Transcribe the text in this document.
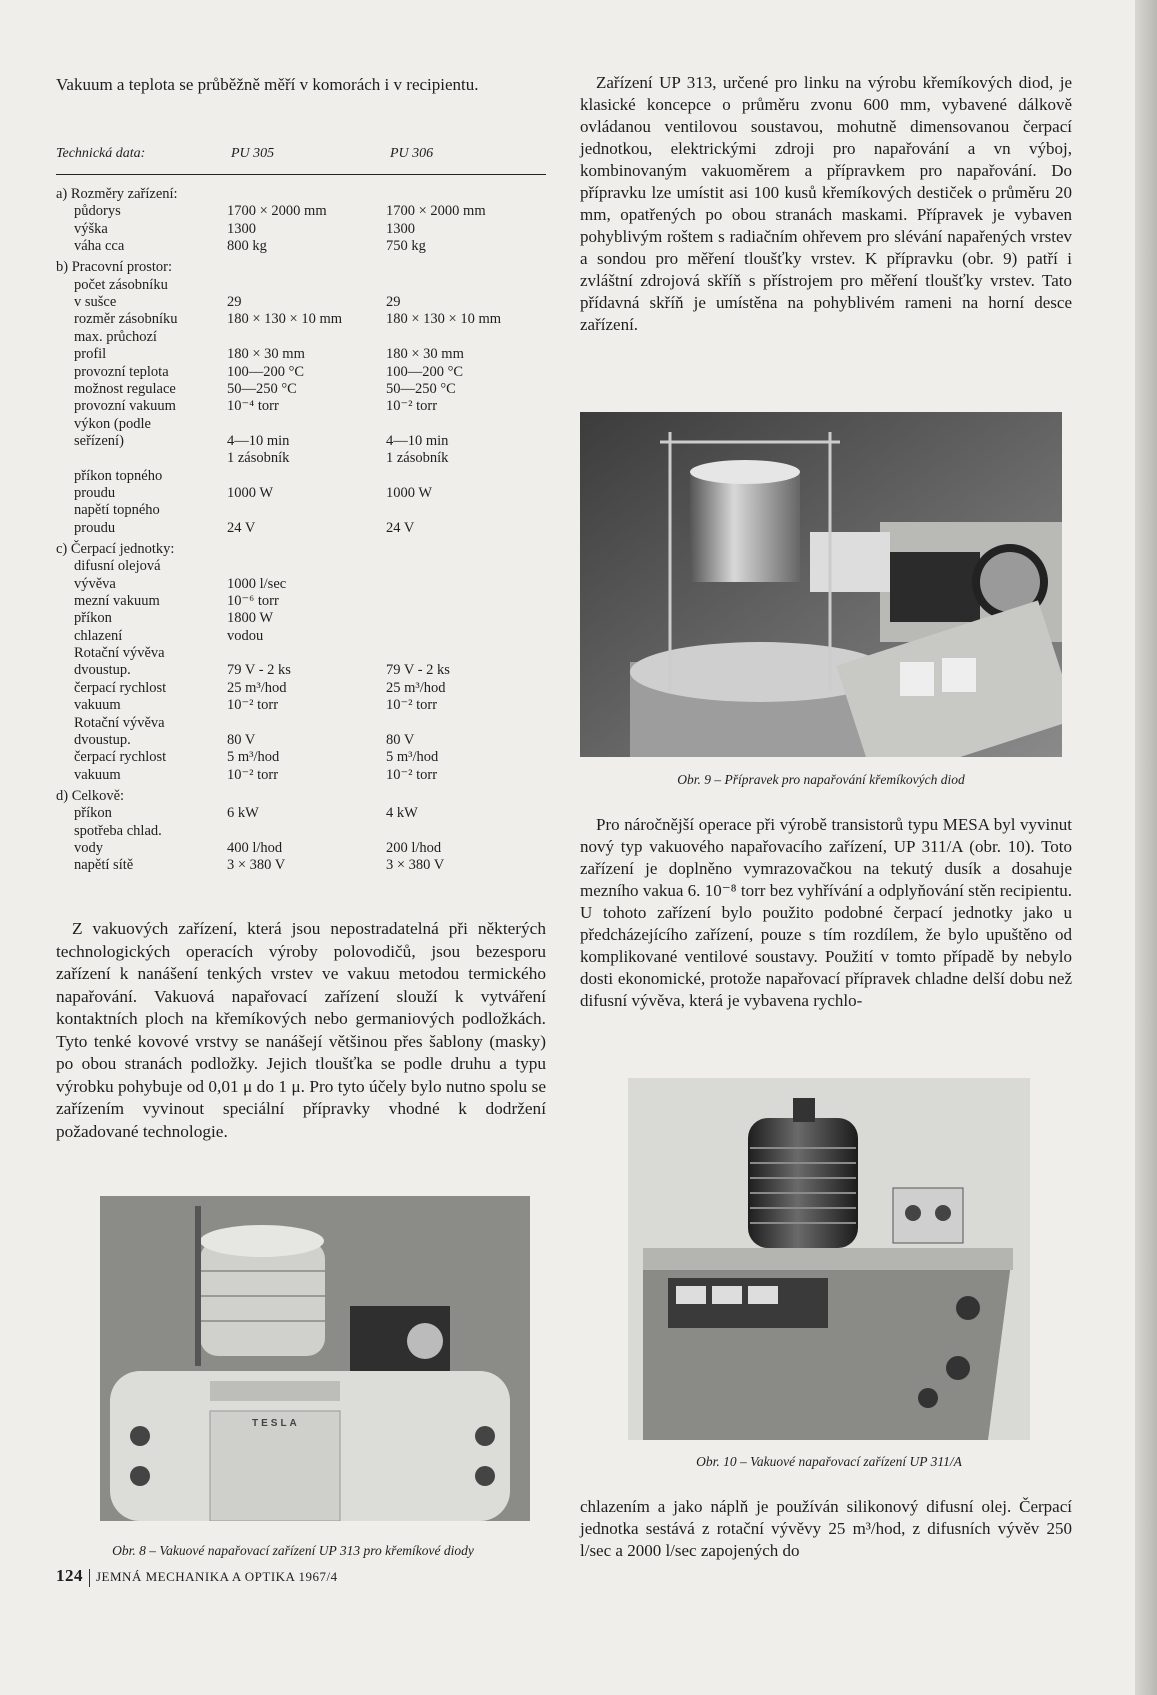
Vakuum a teplota se průběžně měří v komorách i v recipientu.

Technická data:	PU 305	PU 306
a) Rozměry zařízení:
půdorys	1700 × 2000 mm	1700 × 2000 mm
výška	1300	1300
váha cca	800 kg	750 kg
b) Pracovní prostor:
počet zásobníku
v sušce	29	29
rozměr zásobníku	180 × 130 × 10 mm	180 × 130 × 10 mm
max. průchozí
profil	180 × 30 mm	180 × 30 mm
provozní teplota	100—200 °C	100—200 °C
možnost regulace	50—250 °C	50—250 °C
provozní vakuum	10⁻⁴ torr	10⁻² torr
výkon (podle
seřízení)	4—10 min	4—10 min
1 zásobník	1 zásobník
příkon topného
proudu	1000 W	1000 W
napětí topného
proudu	24 V	24 V
c) Čerpací jednotky:
difusní olejová
vývěva	1000 l/sec
mezní vakuum	10⁻⁶ torr
příkon	1800 W
chlazení	vodou
Rotační vývěva
dvoustup.	79 V - 2 ks	79 V - 2 ks
čerpací rychlost	25 m³/hod	25 m³/hod
vakuum	10⁻² torr	10⁻² torr
Rotační vývěva
dvoustup.	80 V	80 V
čerpací rychlost	5 m³/hod	5 m³/hod
vakuum	10⁻² torr	10⁻² torr
d) Celkově:
příkon	6 kW	4 kW
spotřeba chlad.
vody	400 l/hod	200 l/hod
napětí sítě	3 × 380 V	3 × 380 V

Z vakuových zařízení, která jsou nepostradatelná při některých technologických operacích výroby polovodičů, jsou bezesporu zařízení k nanášení tenkých vrstev ve vakuu metodou termického napařování. Vakuová napařovací zařízení slouží k vytváření kontaktních ploch na křemíkových nebo germaniových podložkách. Tyto tenké kovové vrstvy se nanášejí většinou přes šablony (masky) po obou stranách podložky. Jejich tloušťka se podle druhu a typu výrobku pohybuje od 0,01 μ do 1 μ. Pro tyto účely bylo nutno spolu se zařízením vyvinout speciální přípravky vhodné k dodržení požadované technologie.

Zařízení UP 313, určené pro linku na výrobu křemíkových diod, je klasické koncepce o průměru zvonu 600 mm, vybavené dálkově ovládanou ventilovou soustavou, mohutně dimensovanou čerpací jednotkou, elektrickými zdroji pro napařování a vn výboj, kombinovaným vakuoměrem a přípravkem pro napařování. Do přípravku lze umístit asi 100 kusů křemíkových destiček o průměru 20 mm, opatřených po obou stranách maskami. Přípravek je vybaven pohyblivým roštem s radiačním ohřevem pro slévání napařených vrstev a sondou pro měření tloušťky vrstev. K přípravku (obr. 9) patří i zvláštní zdrojová skříň s přístrojem pro měření tloušťky vrstev. Tato přídavná skříň je umístěna na pohyblivém rameni na horní desce zařízení.

Obr. 9 – Přípravek pro napařování křemíkových diod

Pro náročnější operace při výrobě transistorů typu MESA byl vyvinut nový typ vakuového napařovacího zařízení, UP 311/A (obr. 10). Toto zařízení je doplněno vymrazovačkou na tekutý dusík a dosahuje mezního vakua 6. 10⁻⁸ torr bez vyhřívání a odplyňování stěn recipientu. U tohoto zařízení bylo použito podobné čerpací jednotky jako u předcházejícího zařízení, pouze s tím rozdílem, že bylo upuštěno od komplikované ventilové soustavy. Použití v tomto případě by nebylo dosti ekonomické, protože napařovací přípravek chladne delší dobu než difusní vývěva, která je vybavena rychlo-

Obr. 10 – Vakuové napařovací zařízení UP 311/A

chlazením a jako náplň je používán silikonový difusní olej. Čerpací jednotka sestává z rotační vývěvy 25 m³/hod, z difusních vývěv 250 l/sec a 2000 l/sec zapojených do

TESLA
Obr. 8 – Vakuové napařovací zařízení UP 313 pro křemíkové diody
124 JEMNÁ MECHANIKA A OPTIKA 1967/4
